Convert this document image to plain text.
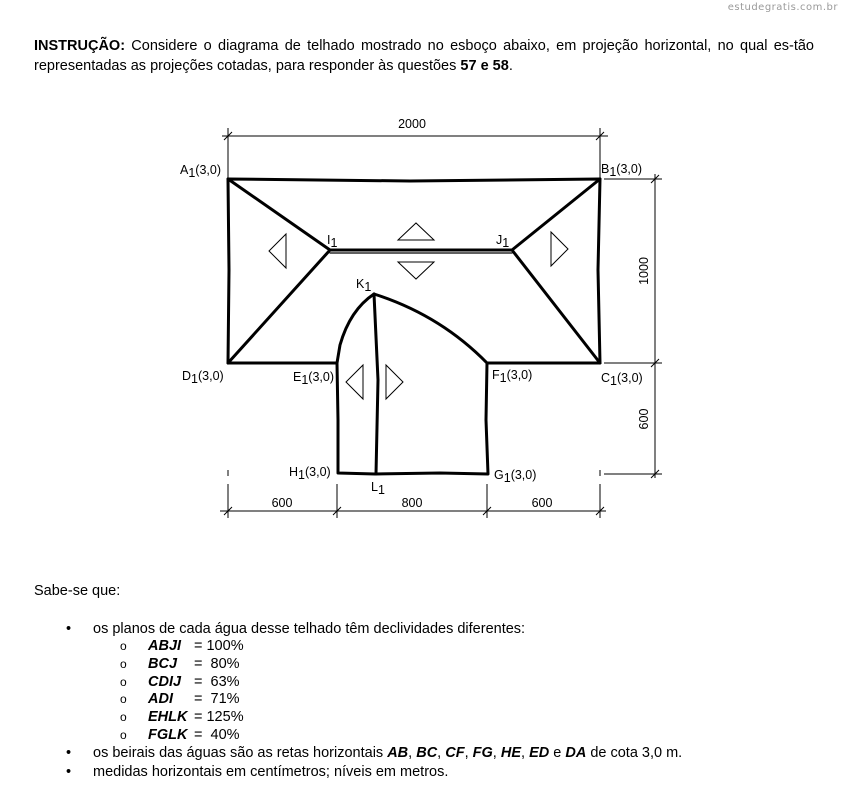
estudegratis.com.br
INSTRUÇÃO: Considere o diagrama de telhado mostrado no esboço abaixo, em projeção horizontal, no qual es-tão representadas as projeções cotadas, para responder às questões 57 e 58.
2000
1000
600
600	800	600
A1(3,0)	B1(3,0)
I1	J1
K1
D1(3,0)	E1(3,0)	F1(3,0)	C1(3,0)
H1(3,0)	G1(3,0)
L1
Sabe-se que:
• os planos de cada água desse telhado têm declividades diferentes:
o ABJI = 100%
o BCJ =  80%
o CDIJ =  63%
o ADI =  71%
o EHLK = 125%
o FGLK =  40%
• os beirais das águas são as retas horizontais AB, BC, CF, FG, HE, ED e DA de cota 3,0 m.
• medidas horizontais em centímetros; níveis em metros.
